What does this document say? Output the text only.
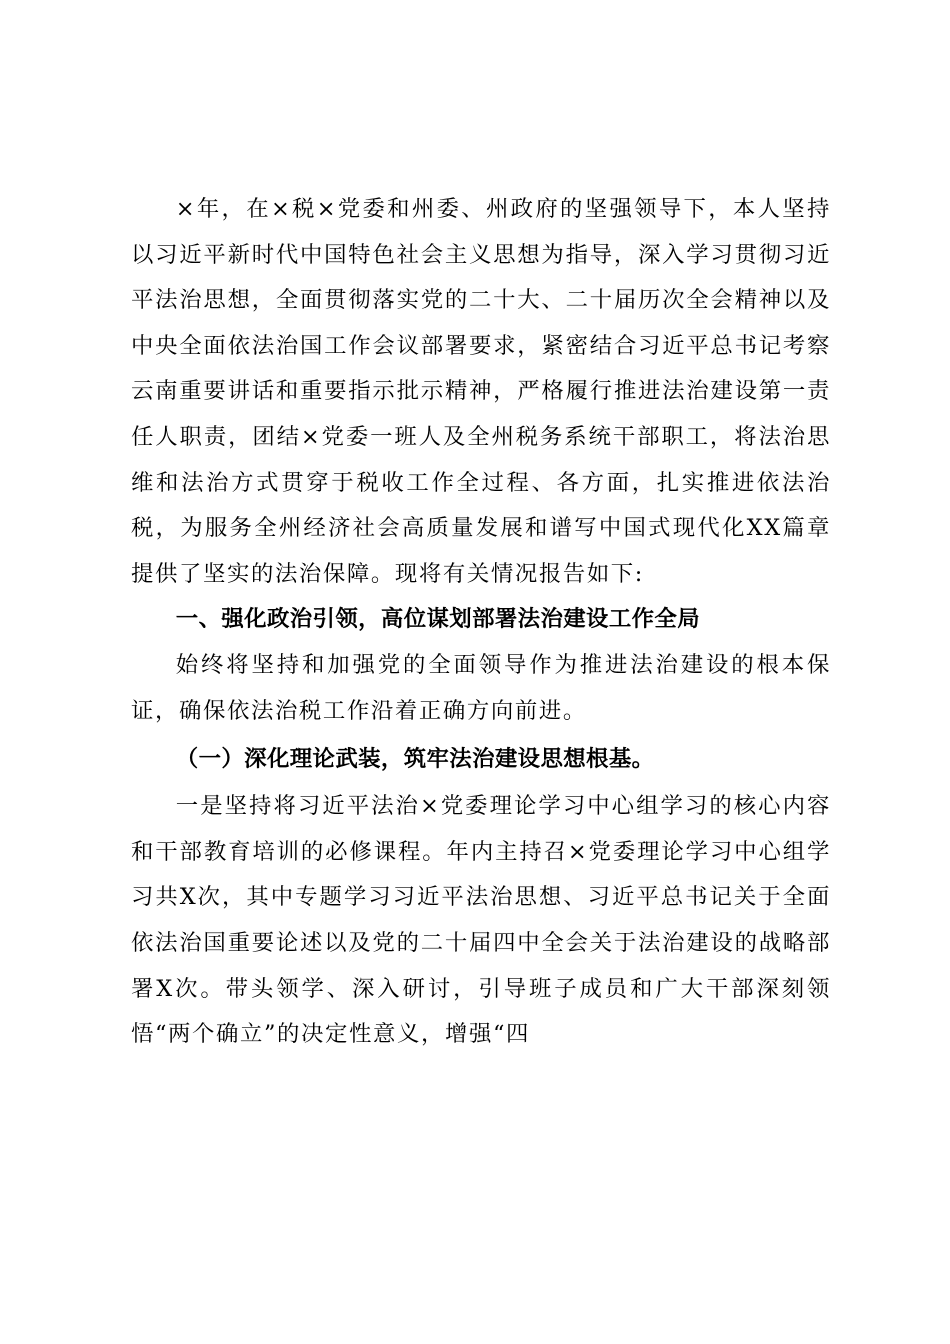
×年，在×税×党委和州委、州政府的坚强领导下，本人坚持以习近平新时代中国特色社会主义思想为指导，深入学习贯彻习近平法治思想，全面贯彻落实党的二十大、二十届历次全会精神以及中央全面依法治国工作会议部署要求，紧密结合习近平总书记考察云南重要讲话和重要指示批示精神，严格履行推进法治建设第一责任人职责，团结×党委一班人及全州税务系统干部职工，将法治思维和法治方式贯穿于税收工作全过程、各方面，扎实推进依法治税，为服务全州经济社会高质量发展和谱写中国式现代化XX篇章提供了坚实的法治保障。现将有关情况报告如下:

一、强化政治引领，高位谋划部署法治建设工作全局

始终将坚持和加强党的全面领导作为推进法治建设的根本保证，确保依法治税工作沿着正确方向前进。

（一）深化理论武装，筑牢法治建设思想根基。

一是坚持将习近平法治×党委理论学习中心组学习的核心内容和干部教育培训的必修课程。年内主持召×党委理论学习中心组学习共X次，其中专题学习习近平法治思想、习近平总书记关于全面依法治国重要论述以及党的二十届四中全会关于法治建设的战略部署X次。带头领学、深入研讨，引导班子成员和广大干部深刻领悟“两个确立”的决定性意义，增强“四
